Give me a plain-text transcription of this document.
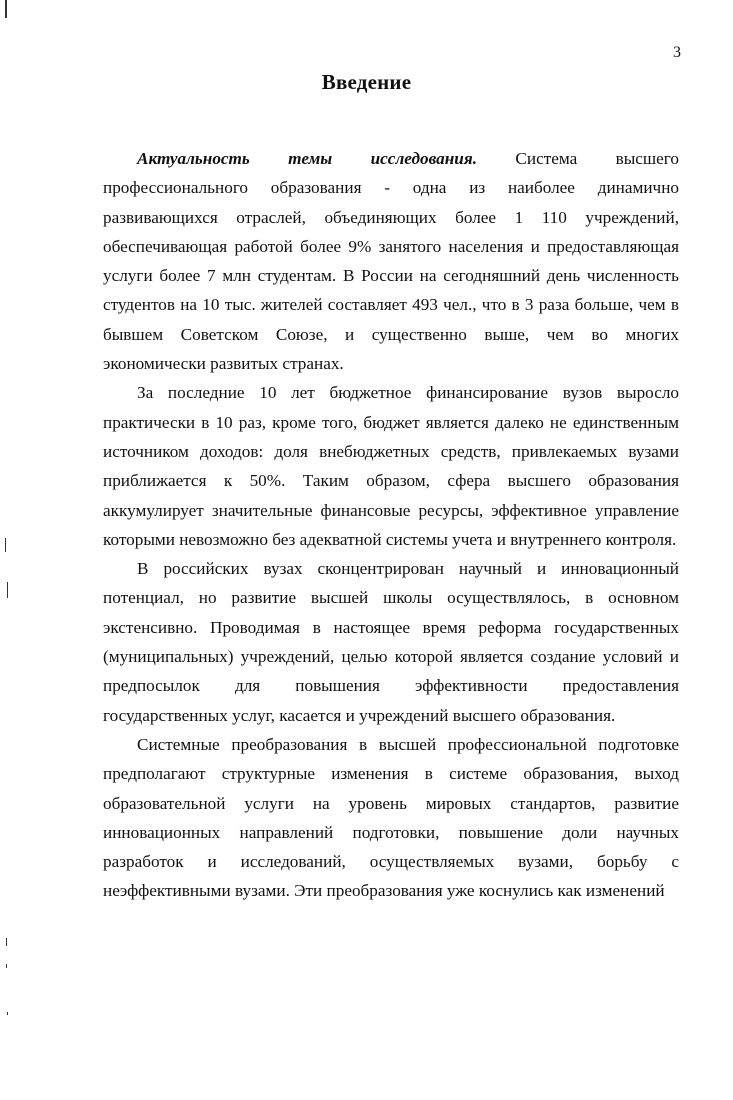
3
Введение

Актуальность темы исследования. Система высшего профессионального образования - одна из наиболее динамично развивающихся отраслей, объединяющих более 1 110 учреждений, обеспечивающая работой более 9% занятого населения и предоставляющая услуги более 7 млн студентам. В России на сегодняшний день численность студентов на 10 тыс. жителей составляет 493 чел., что в 3 раза больше, чем в бывшем Советском Союзе, и существенно выше, чем во многих экономически развитых странах.

За последние 10 лет бюджетное финансирование вузов выросло практически в 10 раз, кроме того, бюджет является далеко не единственным источником доходов: доля внебюджетных средств, привлекаемых вузами приближается к 50%. Таким образом, сфера высшего образования аккумулирует значительные финансовые ресурсы, эффективное управление которыми невозможно без адекватной системы учета и внутреннего контроля.

В российских вузах сконцентрирован научный и инновационный потенциал, но развитие высшей школы осуществлялось, в основном экстенсивно. Проводимая в настоящее время реформа государственных (муниципальных) учреждений, целью которой является создание условий и предпосылок для повышения эффективности предоставления государственных услуг, касается и учреждений высшего образования.

Системные преобразования в высшей профессиональной подготовке предполагают структурные изменения в системе образования, выход образовательной услуги на уровень мировых стандартов, развитие инновационных направлений подготовки, повышение доли научных разработок и исследований, осуществляемых вузами, борьбу с неэффективными вузами. Эти преобразования уже коснулись как изменений
